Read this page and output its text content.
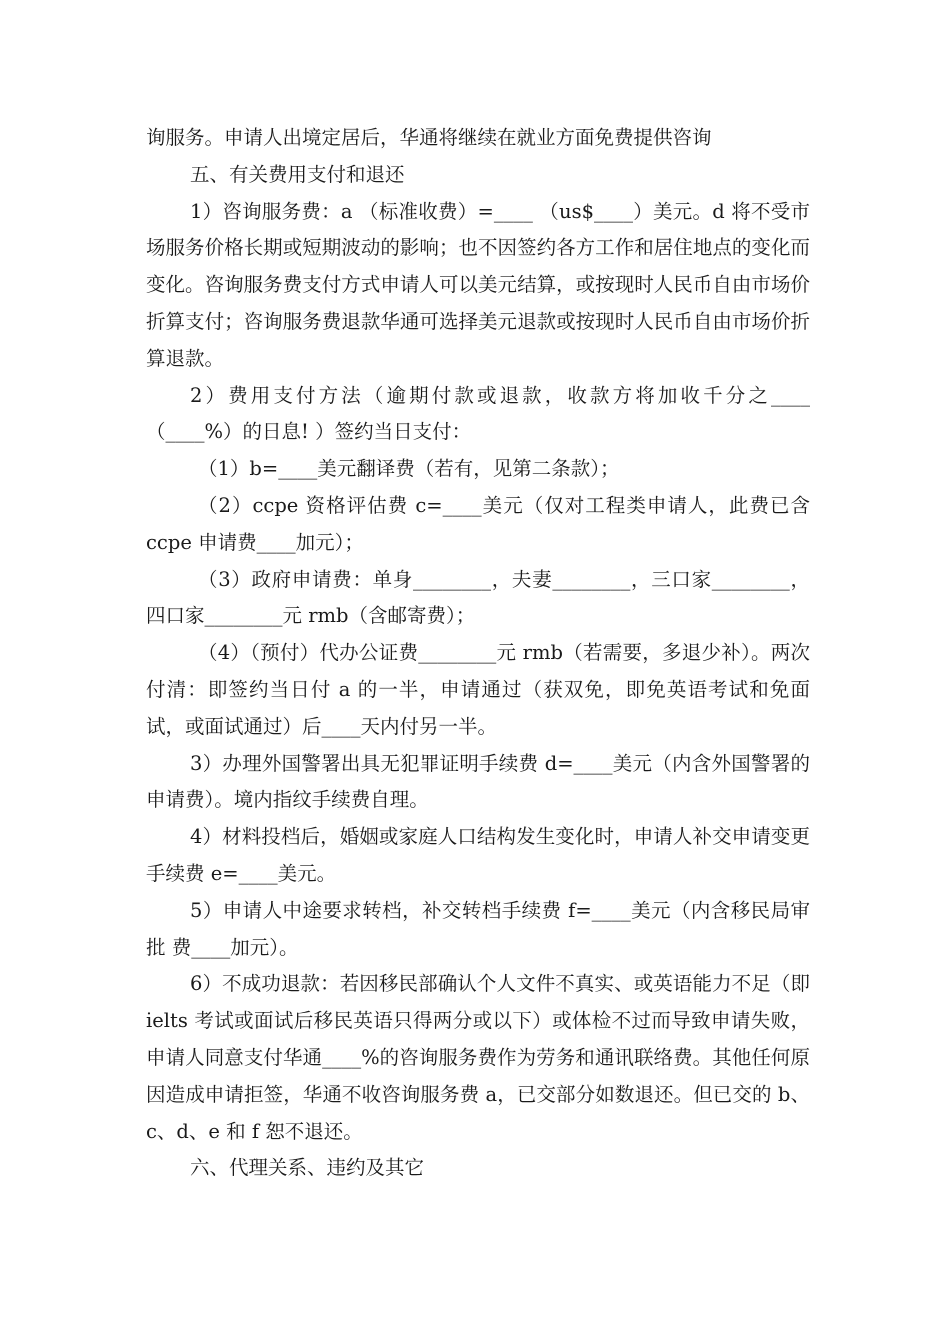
询服务。申请人出境定居后，华通将继续在就业方面免费提供咨询

五、有关费用支付和退还

1）咨询服务费：a （标准收费）=____ （us$____）美元。d 将不受市场服务价格长期或短期波动的影响；也不因签约各方工作和居住地点的变化而变化。咨询服务费支付方式申请人可以美元结算，或按现时人民币自由市场价折算支付；咨询服务费退款华通可选择美元退款或按现时人民币自由市场价折算退款。

2）费用支付方法（逾期付款或退款，收款方将加收千分之____（____%）的日息! ）签约当日支付：

（1）b=____美元翻译费（若有，见第二条款）；

（2）ccpe 资格评估费 c=____美元（仅对工程类申请人，此费已含 ccpe 申请费____加元）；

（3）政府申请费：单身________，夫妻________，三口家________，四口家________元 rmb（含邮寄费）；

（4）（预付）代办公证费________元 rmb（若需要，多退少补）。两次付清：即签约当日付 a 的一半，申请通过（获双免，即免英语考试和免面试，或面试通过）后____天内付另一半。

3）办理外国警署出具无犯罪证明手续费 d=____美元（内含外国警署的申请费）。境内指纹手续费自理。

4）材料投档后，婚姻或家庭人口结构发生变化时，申请人补交申请变更手续费 e=____美元。

5）申请人中途要求转档，补交转档手续费 f=____美元（内含移民局审批 费____加元）。

6）不成功退款：若因移民部确认个人文件不真实、或英语能力不足（即 ielts 考试或面试后移民英语只得两分或以下）或体检不过而导致申请失败，申请人同意支付华通____%的咨询服务费作为劳务和通讯联络费。其他任何原因造成申请拒签，华通不收咨询服务费 a，已交部分如数退还。但已交的 b、c、d、e 和 f 恕不退还。

六、代理关系、违约及其它
